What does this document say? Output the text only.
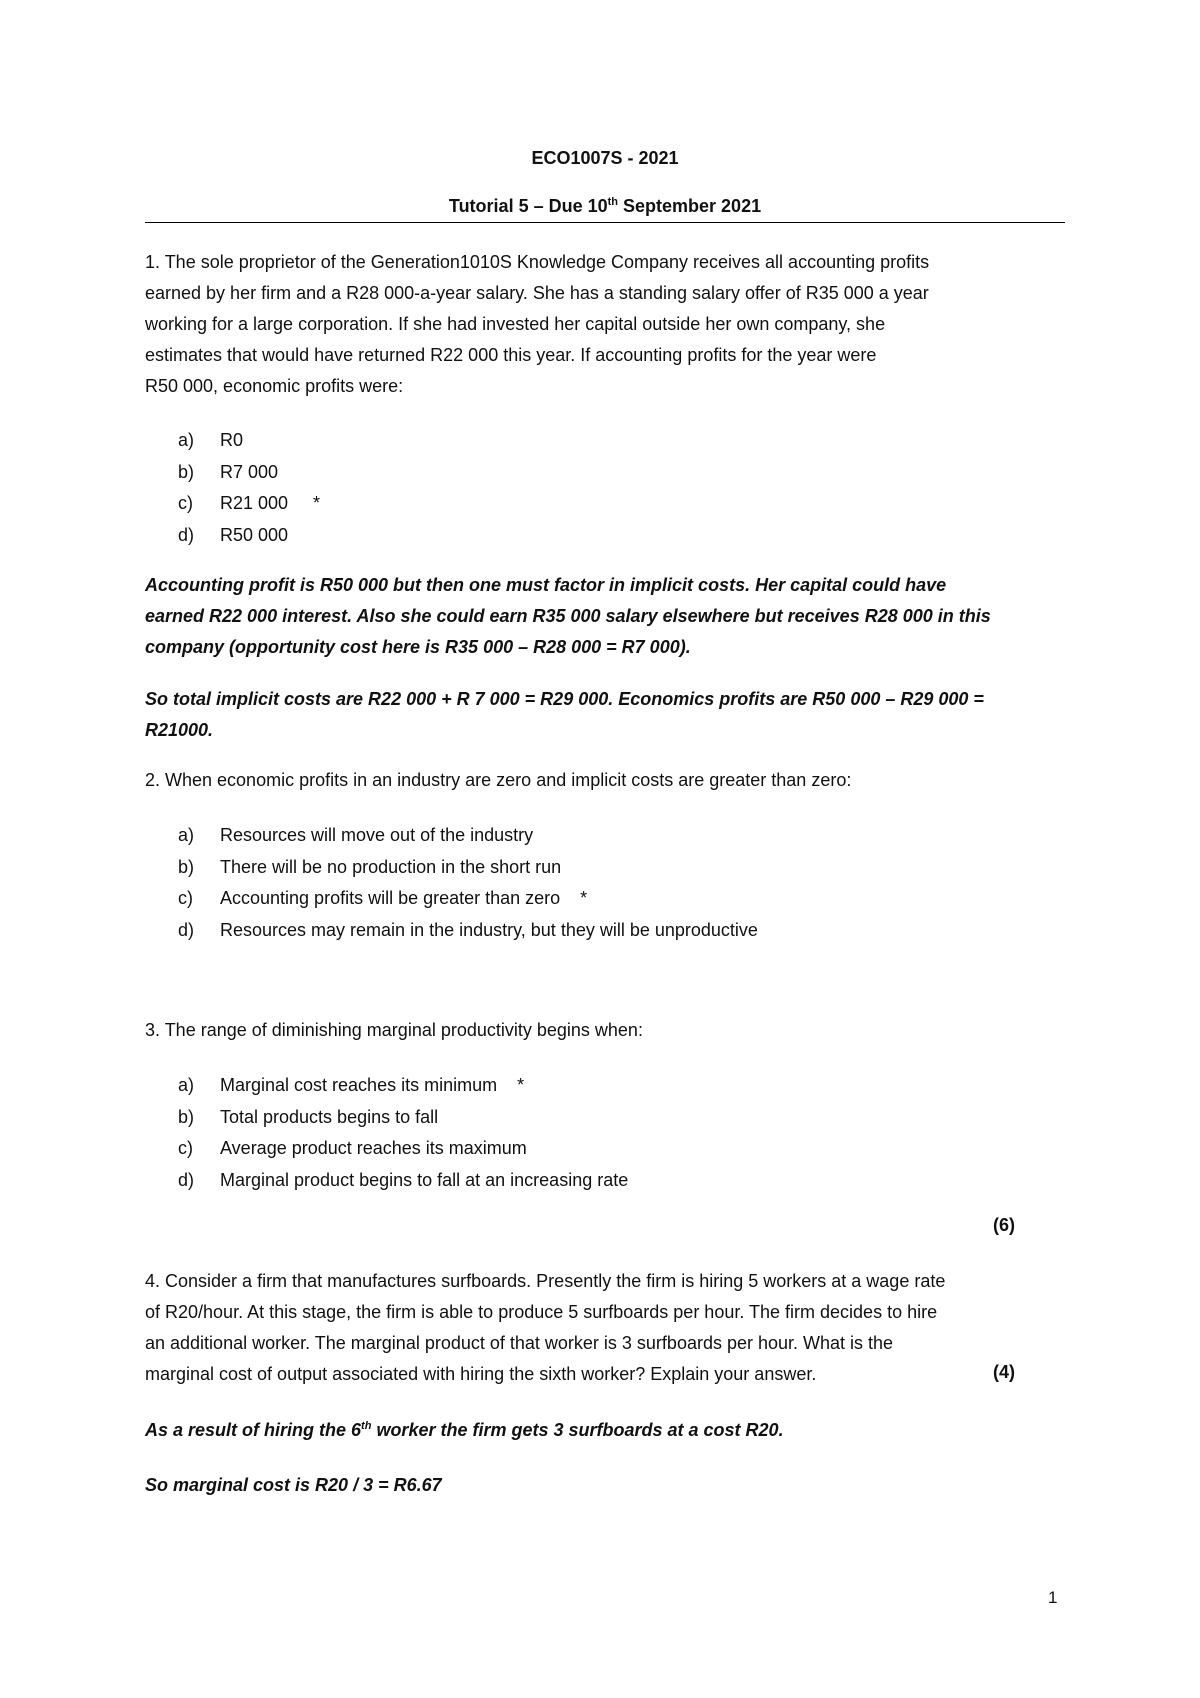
ECO1007S - 2021
Tutorial 5 – Due 10th September 2021
1. The sole proprietor of the Generation1010S Knowledge Company receives all accounting profits
earned by her firm and a R28 000-a-year salary. She has a standing salary offer of R35 000 a year
working for a large corporation. If she had invested her capital outside her own company, she
estimates that would have returned R22 000 this year. If accounting profits for the year were
R50 000, economic profits were:
a)	R0
b)	R7 000
c)	R21 000     *
d)	R50 000
Accounting profit is R50 000 but then one must factor in implicit costs. Her capital could have
earned R22 000 interest. Also she could earn R35 000 salary elsewhere but receives R28 000 in this
company (opportunity cost here is R35 000 – R28 000 = R7 000).
So total implicit costs are R22 000 + R 7 000 = R29 000. Economics profits are R50 000 – R29 000 =
R21000.
2. When economic profits in an industry are zero and implicit costs are greater than zero:
a)	Resources will move out of the industry
b)	There will be no production in the short run
c)	Accounting profits will be greater than zero    *
d)	Resources may remain in the industry, but they will be unproductive
3. The range of diminishing marginal productivity begins when:
a)	Marginal cost reaches its minimum    *
b)	Total products begins to fall
c)	Average product reaches its maximum
d)	Marginal product begins to fall at an increasing rate
(6)
4. Consider a firm that manufactures surfboards. Presently the firm is hiring 5 workers at a wage rate
of R20/hour. At this stage, the firm is able to produce 5 surfboards per hour. The firm decides to hire
an additional worker. The marginal product of that worker is 3 surfboards per hour. What is the
marginal cost of output associated with hiring the sixth worker? Explain your answer.	(4)
As a result of hiring the 6th worker the firm gets 3 surfboards at a cost R20.
So marginal cost is R20 / 3 = R6.67
1
